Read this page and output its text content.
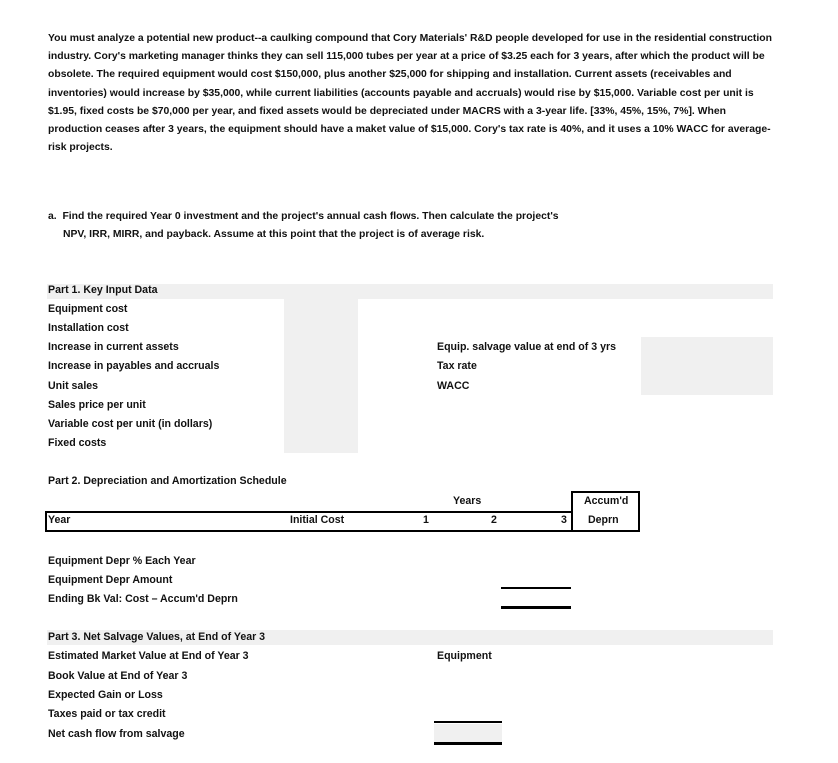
You must analyze a potential new product--a caulking compound that Cory Materials' R&D people developed for use in the residential construction industry. Cory's marketing manager thinks they can sell 115,000 tubes per year at a price of $3.25 each for 3 years, after which the product will be obsolete. The required equipment would cost $150,000, plus another $25,000 for shipping and installation. Current assets (receivables and inventories) would increase by $35,000, while current liabilities (accounts payable and accruals) would rise by $15,000. Variable cost per unit is $1.95, fixed costs be $70,000 per year, and fixed assets would be depreciated under MACRS with a 3-year life. [33%, 45%, 15%, 7%]. When production ceases after 3 years, the equipment should have a maket value of $15,000. Cory's tax rate is 40%, and it uses a 10% WACC for average-risk projects.
a. Find the required Year 0 investment and the project's annual cash flows. Then calculate the project's
NPV, IRR, MIRR, and payback. Assume at this point that the project is of average risk.
Part 1. Key Input Data
Equipment cost
Installation cost
Increase in current assets
Increase in payables and accruals
Unit sales
Sales price per unit
Variable cost per unit (in dollars)
Fixed costs
Equip. salvage value at end of 3 yrs
Tax rate
WACC
Part 2. Depreciation and Amortization Schedule
Years	Accum'd
Deprn
Year	Initial Cost	1	2	3
Equipment Depr % Each Year
Equipment Depr Amount
Ending Bk Val: Cost – Accum'd Deprn
Part 3. Net Salvage Values, at End of Year 3
Equipment
Estimated Market Value at End of Year 3
Book Value at End of Year 3
Expected Gain or Loss
Taxes paid or tax credit
Net cash flow from salvage
